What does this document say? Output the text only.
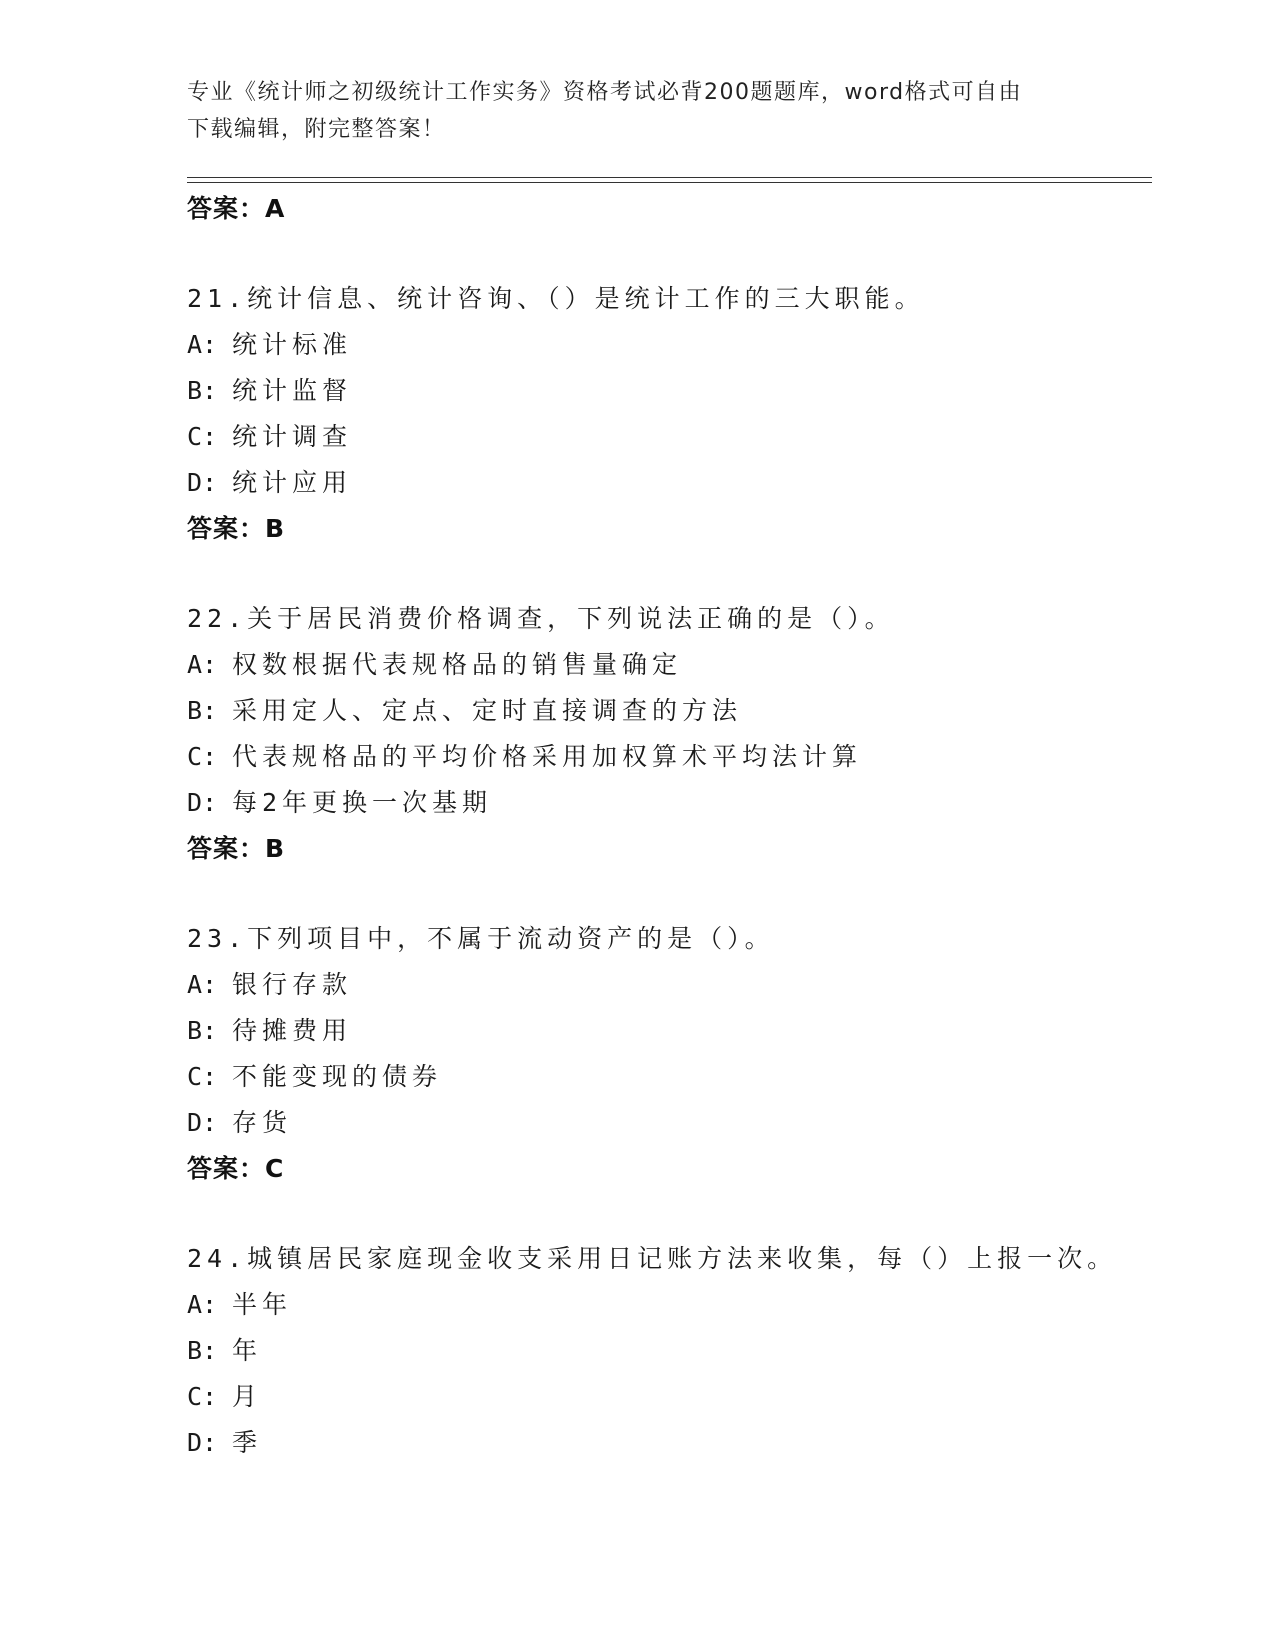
专业《统计师之初级统计工作实务》资格考试必背200题题库，word格式可自由
下载编辑，附完整答案！
答案：A
21.统计信息、统计咨询、（）是统计工作的三大职能。
A: 统计标准
B: 统计监督
C: 统计调查
D: 统计应用
答案：B
22.关于居民消费价格调查，下列说法正确的是（）。
A: 权数根据代表规格品的销售量确定
B: 采用定人、定点、定时直接调查的方法
C: 代表规格品的平均价格采用加权算术平均法计算
D: 每2年更换一次基期
答案：B
23.下列项目中，不属于流动资产的是（）。
A: 银行存款
B: 待摊费用
C: 不能变现的债券
D: 存货
答案：C
24.城镇居民家庭现金收支采用日记账方法来收集，每（）上报一次。
A: 半年
B: 年
C: 月
D: 季
